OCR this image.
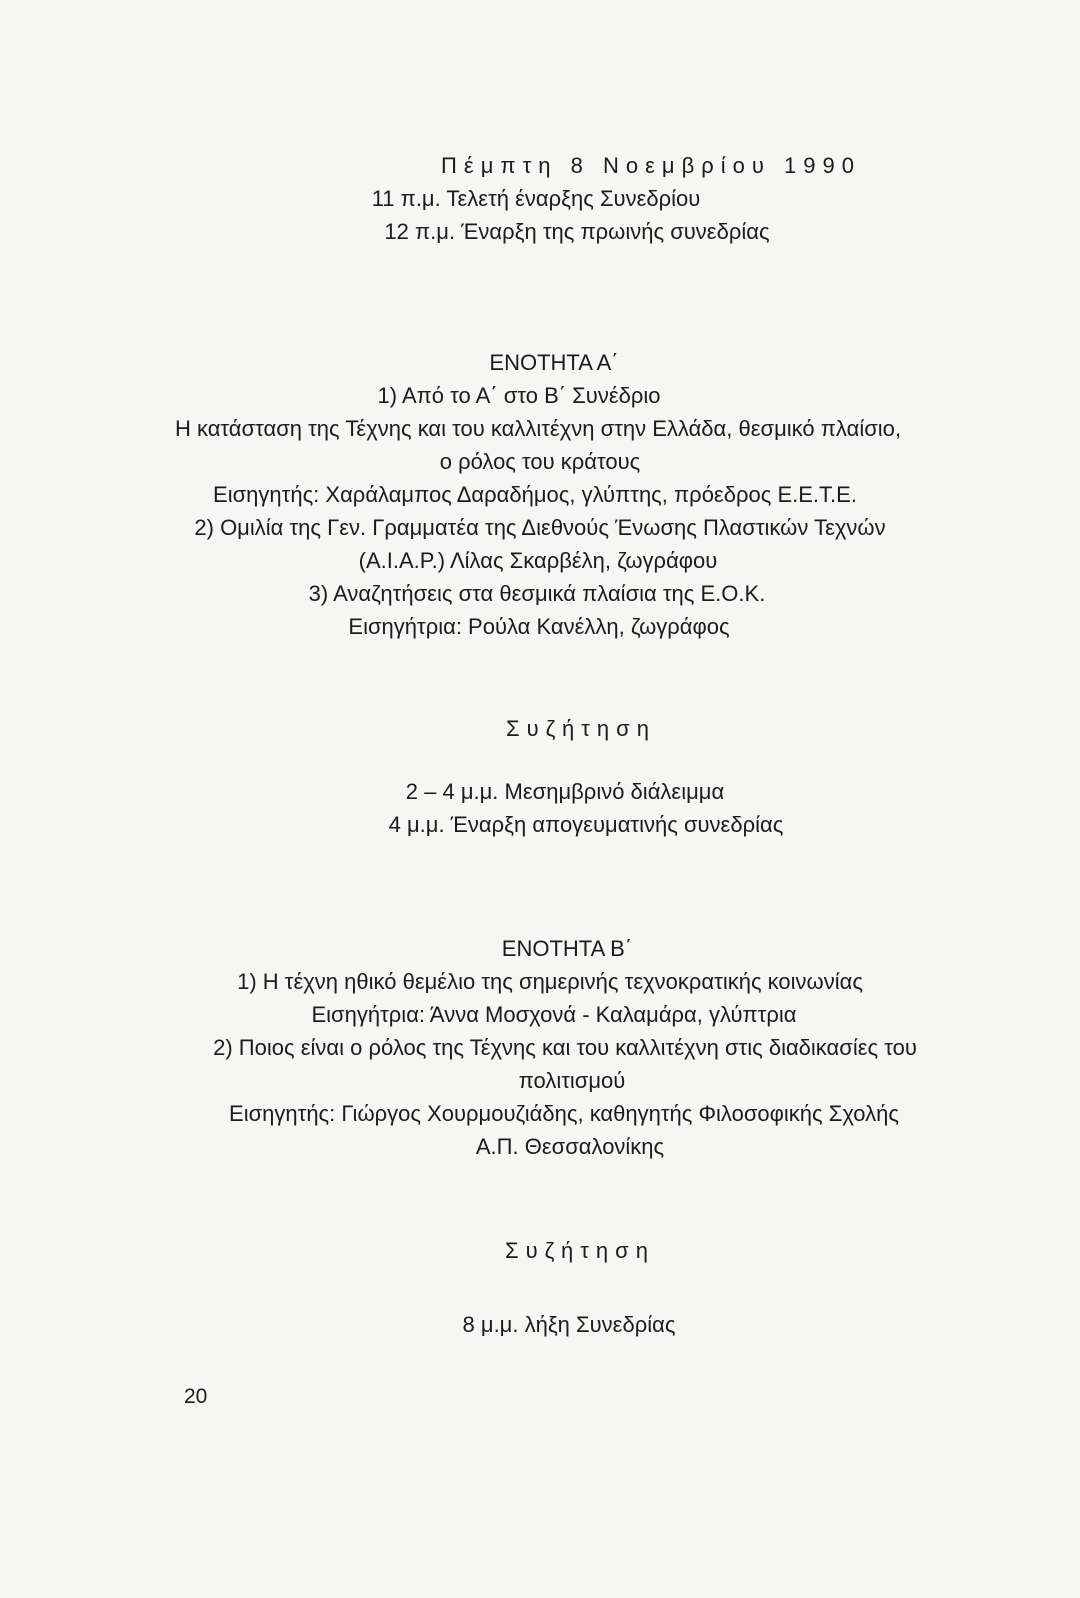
Πέμπτη 8 Νοεμβρίου 1990
11 π.μ. Τελετή έναρξης Συνεδρίου
12 π.μ. Έναρξη της πρωινής συνεδρίας
ΕΝΟΤΗΤΑ Α΄
1) Από το Α΄ στο Β΄ Συνέδριο
Η κατάσταση της Τέχνης και του καλλιτέχνη στην Ελλάδα, θεσμικό πλαίσιο,
ο ρόλος του κράτους
Εισηγητής: Χαράλαμπος Δαραδήμος, γλύπτης, πρόεδρος Ε.Ε.Τ.Ε.
2) Ομιλία της Γεν. Γραμματέα της Διεθνούς Ένωσης Πλαστικών Τεχνών
(Α.Ι.Α.Ρ.) Λίλας Σκαρβέλη, ζωγράφου
3) Αναζητήσεις στα θεσμικά πλαίσια της Ε.Ο.Κ.
Εισηγήτρια: Ρούλα Κανέλλη, ζωγράφος
Συζήτηση
2 – 4 μ.μ. Μεσημβρινό διάλειμμα
4 μ.μ. Έναρξη απογευματινής συνεδρίας
ΕΝΟΤΗΤΑ Β΄
1) Η τέχνη ηθικό θεμέλιο της σημερινής τεχνοκρατικής κοινωνίας
Εισηγήτρια: Άννα Μοσχονά - Καλαμάρα, γλύπτρια
2) Ποιος είναι ο ρόλος της Τέχνης και του καλλιτέχνη στις διαδικασίες του
πολιτισμού
Εισηγητής: Γιώργος Χουρμουζιάδης, καθηγητής Φιλοσοφικής Σχολής
Α.Π. Θεσσαλονίκης
Συζήτηση
8 μ.μ. λήξη Συνεδρίας
20
